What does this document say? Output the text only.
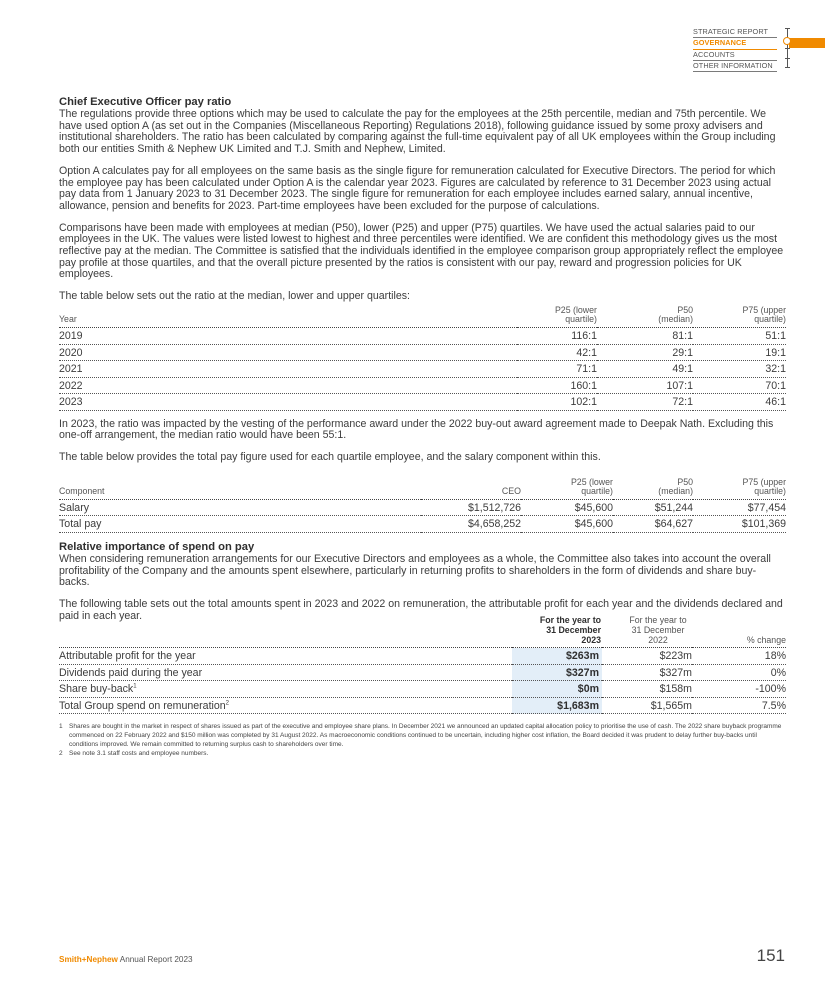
STRATEGIC REPORT
GOVERNANCE
ACCOUNTS
OTHER INFORMATION
Chief Executive Officer pay ratio

The regulations provide three options which may be used to calculate the pay for the employees at the 25th percentile, median and 75th percentile. We have used option A (as set out in the Companies (Miscellaneous Reporting) Regulations 2018), following guidance issued by some proxy advisers and institutional shareholders. The ratio has been calculated by comparing against the full-time equivalent pay of all UK employees within the Group including both our entities Smith & Nephew UK Limited and T.J. Smith and Nephew, Limited.

Option A calculates pay for all employees on the same basis as the single figure for remuneration calculated for Executive Directors. The period for which the employee pay has been calculated under Option A is the calendar year 2023. Figures are calculated by reference to 31 December 2023 using actual pay data from 1 January 2023 to 31 December 2023. The single figure for remuneration for each employee includes earned salary, annual incentive, allowance, pension and benefits for 2023. Part-time employees have been excluded for the purpose of calculations.

Comparisons have been made with employees at median (P50), lower (P25) and upper (P75) quartiles. We have used the actual salaries paid to our employees in the UK. The values were listed lowest to highest and three percentiles were identified. We are confident this methodology gives us the most reflective pay at the median. The Committee is satisfied that the individuals identified in the employee comparison group appropriately reflect the employee pay profile at those quartiles, and that the overall picture presented by the ratios is consistent with our pay, reward and progression policies for UK employees.

The table below sets out the ratio at the median, lower and upper quartiles:

Year	P25 (lower quartile)	P50 (median)	P75 (upper quartile)
2019	116:1	81:1	51:1
2020	42:1	29:1	19:1
2021	71:1	49:1	32:1
2022	160:1	107:1	70:1
2023	102:1	72:1	46:1

In 2023, the ratio was impacted by the vesting of the performance award under the 2022 buy-out award agreement made to Deepak Nath. Excluding this one-off arrangement, the median ratio would have been 55:1.

The table below provides the total pay figure used for each quartile employee, and the salary component within this.

Component	CEO	P25 (lower quartile)	P50 (median)	P75 (upper quartile)
Salary	$1,512,726	$45,600	$51,244	$77,454
Total pay	$4,658,252	$45,600	$64,627	$101,369
Relative importance of spend on pay

When considering remuneration arrangements for our Executive Directors and employees as a whole, the Committee also takes into account the overall profitability of the Company and the amounts spent elsewhere, particularly in returning profits to shareholders in the form of dividends and share buy-backs.

The following table sets out the total amounts spent in 2023 and 2022 on remuneration, the attributable profit for each year and the dividends declared and paid in each year.

		For the year to 31 December 2023	For the year to 31 December 2022	% change
Attributable profit for the year	$263m	$223m	18%
Dividends paid during the year	$327m	$327m	0%
Share buy-back$^1$	$0m	$158m	-100%
Total Group spend on remuneration$^2$	$1,683m	$1,565m	7.5%
1 Shares are bought in the market in respect of shares issued as part of the executive and employee share plans. In December 2021 we announced an updated capital allocation policy to prioritise the use of cash. The 2022 share buyback programme commenced on 22 February 2022 and $150 million was completed by 31 August 2022. As macroeconomic conditions continued to be uncertain, including higher cost inflation, the Board decided it was prudent to delay further buy-backs until conditions improved. We remain committed to returning surplus cash to shareholders over time.
2 See note 3.1 staff costs and employee numbers.
Smith+Nephew Annual Report 2023	151
